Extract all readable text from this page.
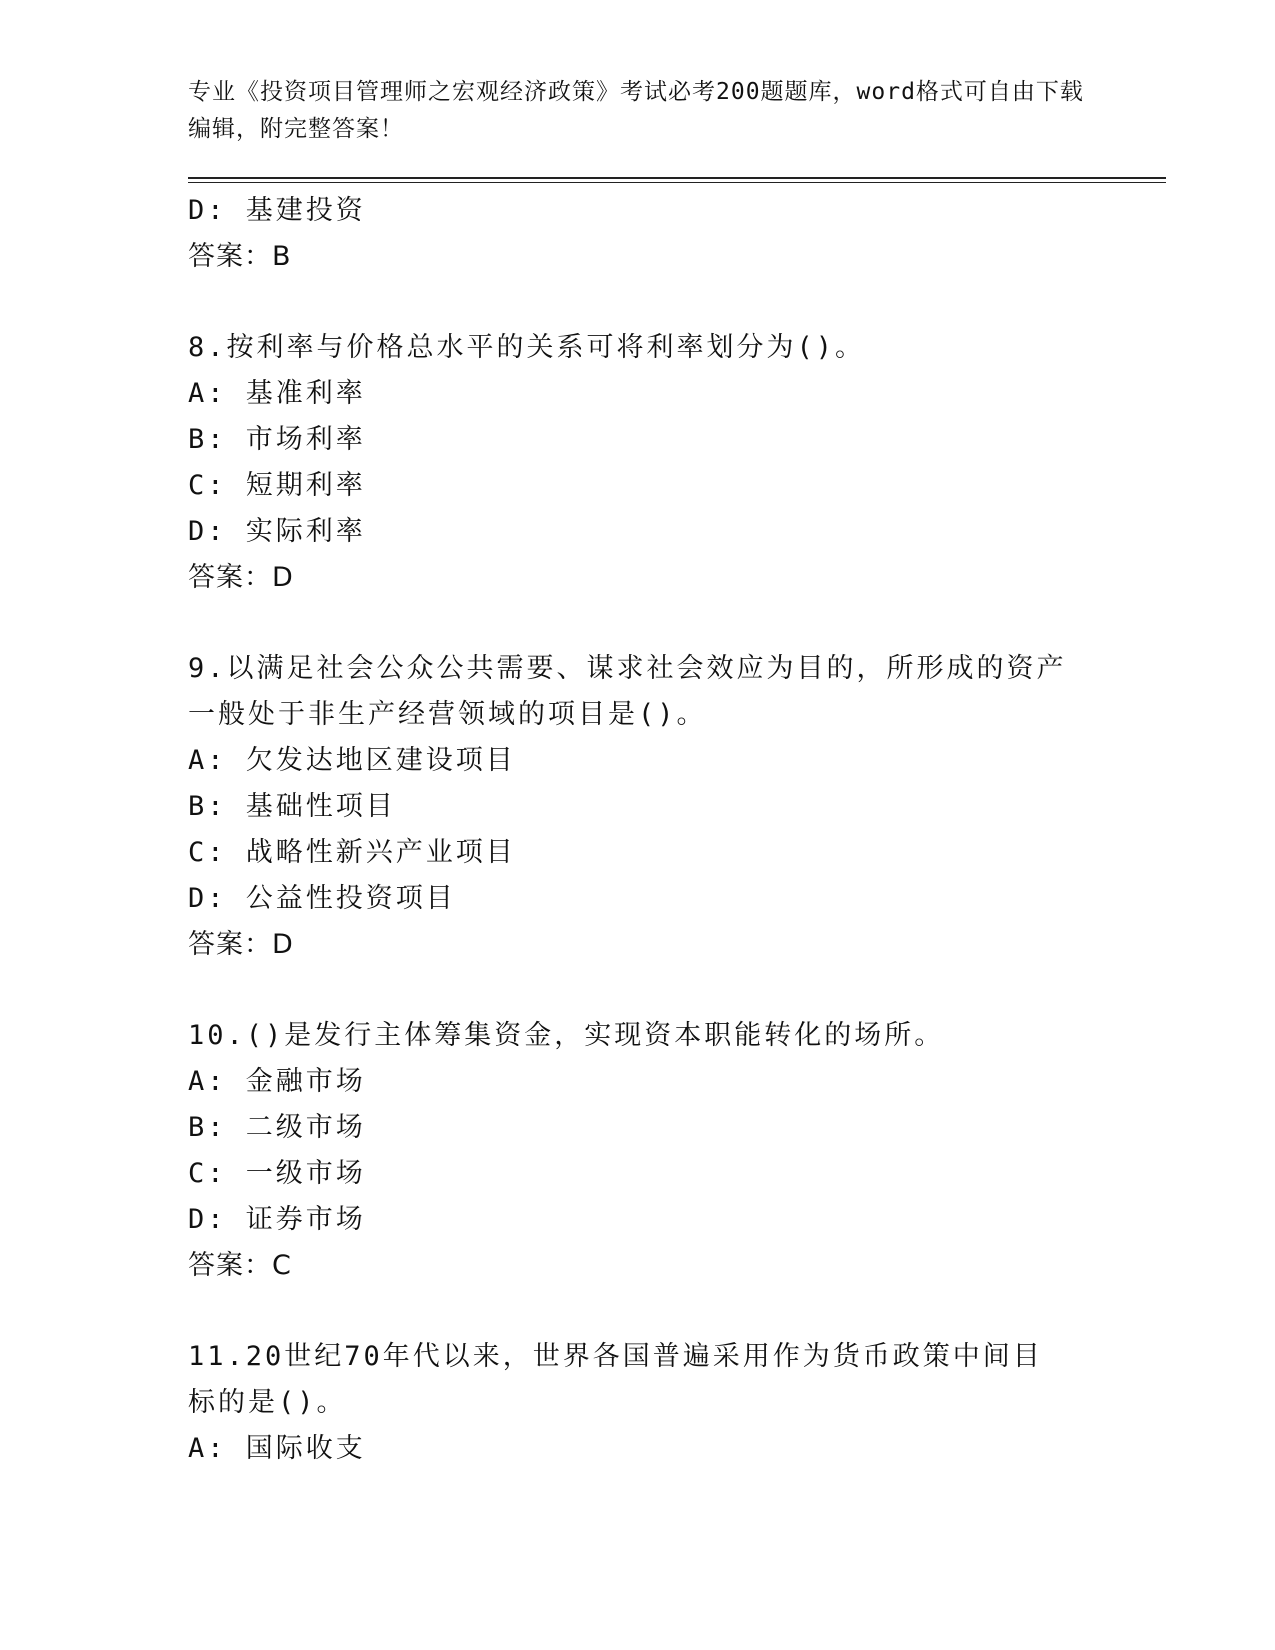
专业《投资项目管理师之宏观经济政策》考试必考200题题库，word格式可自由下载编辑，附完整答案！
D: 基建投资
答案：B
8.按利率与价格总水平的关系可将利率划分为()。
A: 基准利率
B: 市场利率
C: 短期利率
D: 实际利率
答案：D
9.以满足社会公众公共需要、谋求社会效应为目的，所形成的资产一般处于非生产经营领域的项目是()。
A: 欠发达地区建设项目
B: 基础性项目
C: 战略性新兴产业项目
D: 公益性投资项目
答案：D
10.()是发行主体筹集资金，实现资本职能转化的场所。
A: 金融市场
B: 二级市场
C: 一级市场
D: 证券市场
答案：C
11.20世纪70年代以来，世界各国普遍采用作为货币政策中间目标的是()。
A: 国际收支
